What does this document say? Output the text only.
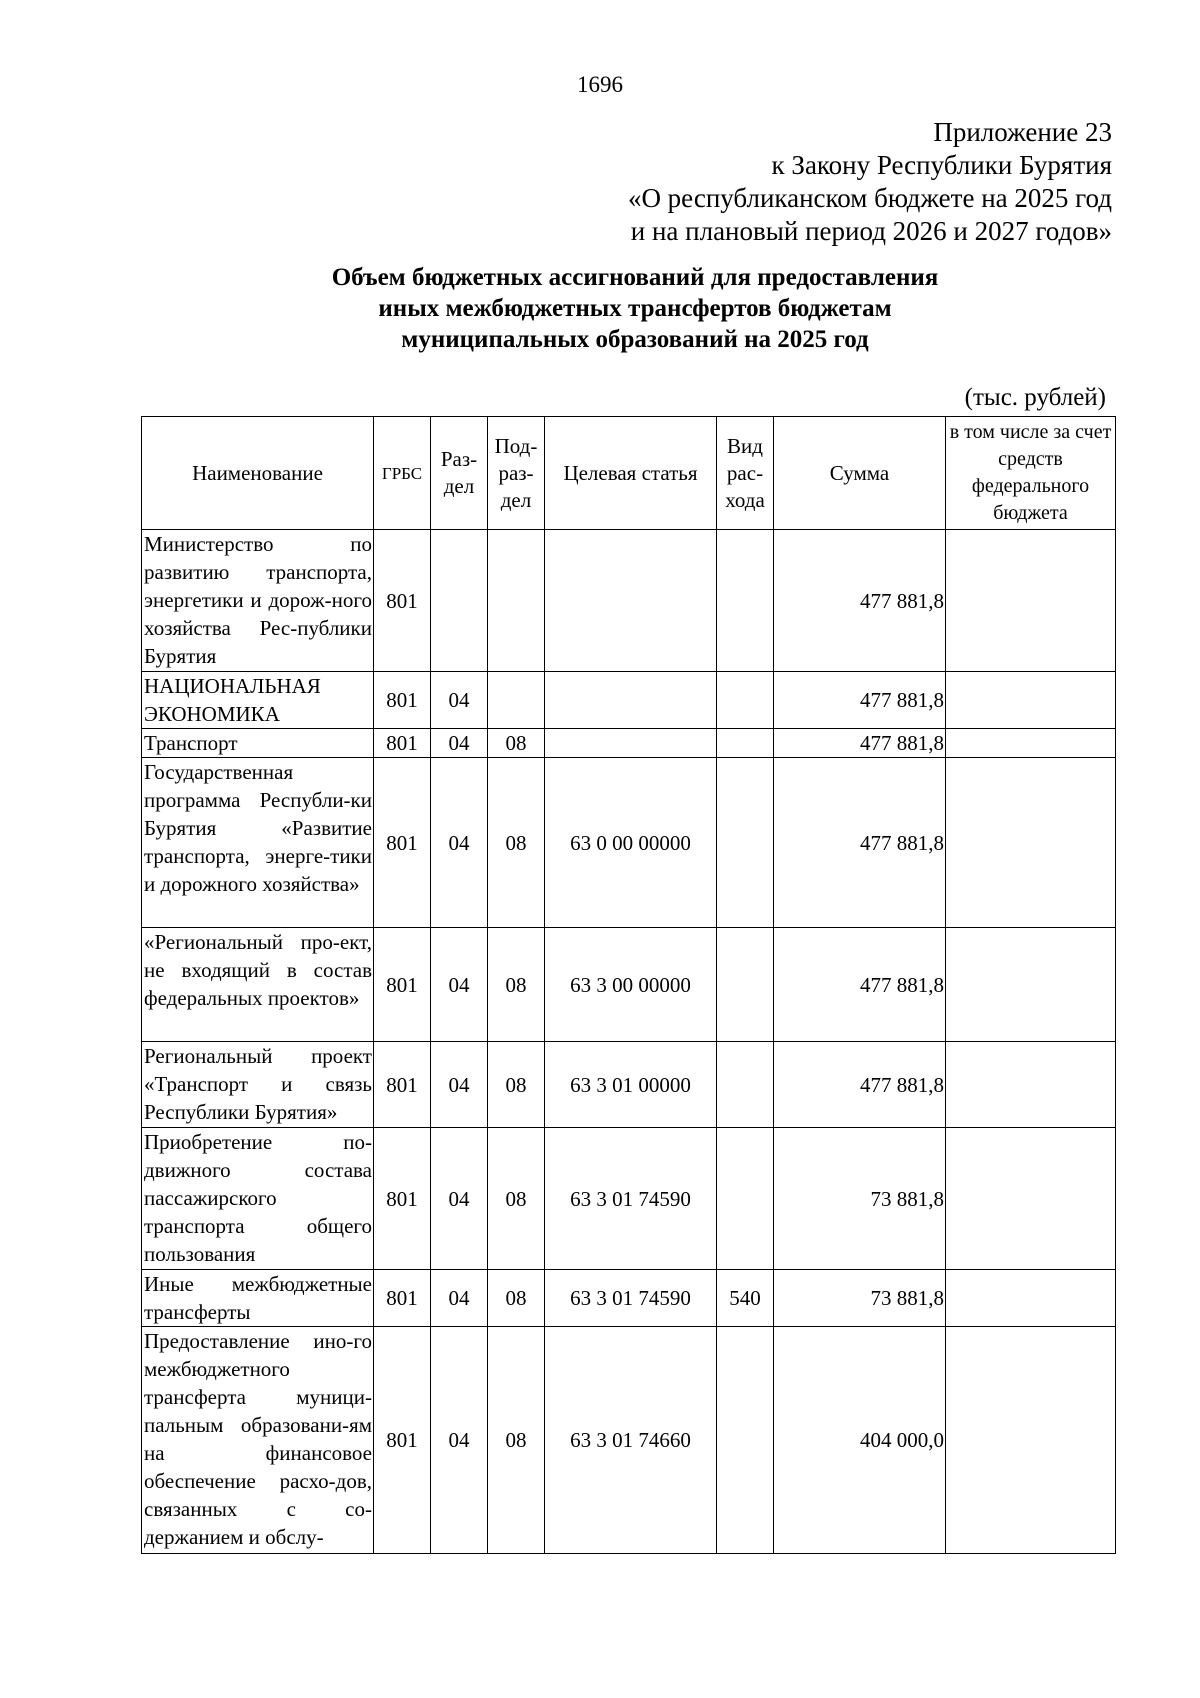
1696
Приложение 23
к Закону Республики Бурятия
«О республиканском бюджете на 2025 год
и на плановый период 2026 и 2027 годов»
Объем бюджетных ассигнований для предоставления
иных межбюджетных трансфертов бюджетам
муниципальных образований на 2025 год
(тыс. рублей)
Наименование	ГРБС	Раз-дел	Под-раз-дел	Целевая статья	Вид рас-хода	Сумма	в том числе за счет средств федерального бюджета
Министерство по развитию транспорта, энергетики и дорож-ного хозяйства Рес-публики Бурятия	801					477 881,8	
НАЦИОНАЛЬНАЯ ЭКОНОМИКА	801	04				477 881,8	
Транспорт	801	04	08			477 881,8	
Государственная программа Республи-ки Бурятия «Развитие транспорта, энерге-тики и дорожного хозяйства»	801	04	08	63 0 00 00000		477 881,8	
«Региональный про-ект, не входящий в состав федеральных проектов»	801	04	08	63 3 00 00000		477 881,8	
Региональный проект «Транспорт и связь Республики Бурятия»	801	04	08	63 3 01 00000		477 881,8	
Приобретение по-движного состава пассажирского транспорта общего пользования	801	04	08	63 3 01 74590		73 881,8	
Иные межбюджетные трансферты	801	04	08	63 3 01 74590	540	73 881,8	
Предоставление ино-го межбюджетного трансферта муници-пальным образовани-ям на финансовое обеспечение расхо-дов, связанных с со-держанием и обслу-	801	04	08	63 3 01 74660		404 000,0	
